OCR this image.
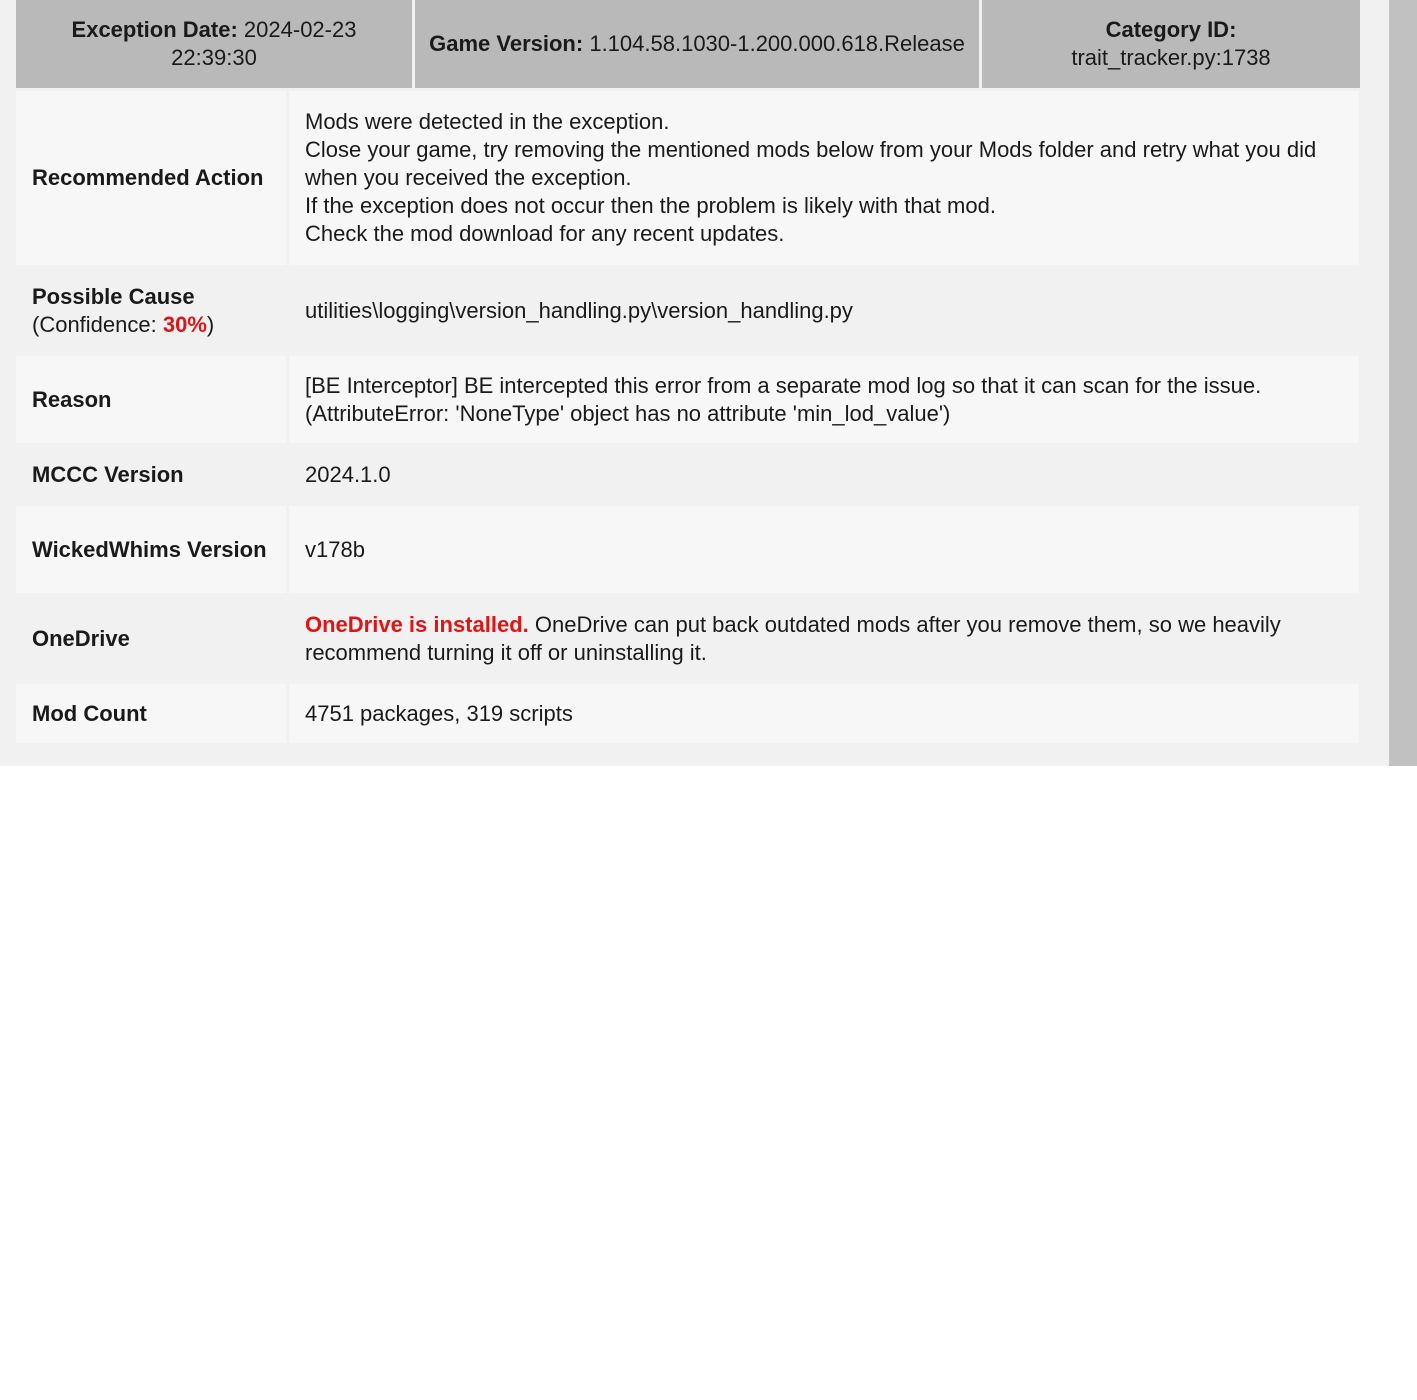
Exception Date: 2024-02-23 22:39:30	Game Version: 1.104.58.1030-1.200.000.618.Release	Category ID:
trait_tracker.py:1738
Recommended Action	Mods were detected in the exception.
Close your game, try removing the mentioned mods below from your Mods folder and retry what you did when you received the exception.
If the exception does not occur then the problem is likely with that mod.
Check the mod download for any recent updates.

Possible Cause
(Confidence: 30%)	utilities\logging\version_handling.py\version_handling.py
Reason	[BE Interceptor] BE intercepted this error from a separate mod log so that it can scan for the issue. (AttributeError: 'NoneType' object has no attribute 'min_lod_value')
MCCC Version	2024.1.0
WickedWhims Version	v178b
OneDrive	OneDrive is installed. OneDrive can put back outdated mods after you remove them, so we heavily recommend turning it off or uninstalling it.
Mod Count	4751 packages, 319 scripts
